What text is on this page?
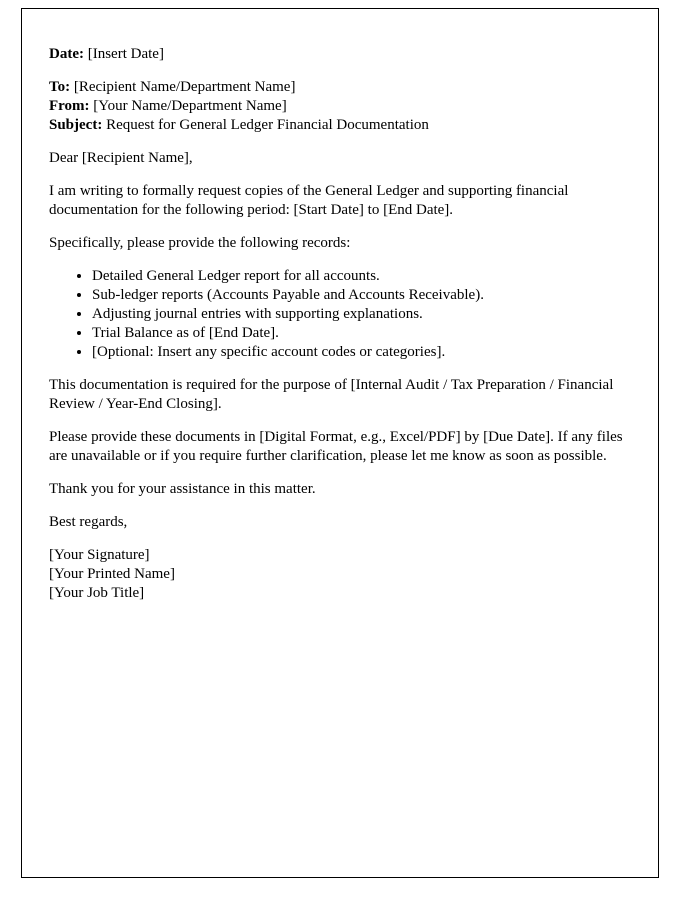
Date: [Insert Date]

To: [Recipient Name/Department Name]
From: [Your Name/Department Name]
Subject: Request for General Ledger Financial Documentation

Dear [Recipient Name],

I am writing to formally request copies of the General Ledger and supporting financial documentation for the following period: [Start Date] to [End Date].

Specifically, please provide the following records:

• Detailed General Ledger report for all accounts.
• Sub-ledger reports (Accounts Payable and Accounts Receivable).
• Adjusting journal entries with supporting explanations.
• Trial Balance as of [End Date].
• [Optional: Insert any specific account codes or categories].

This documentation is required for the purpose of [Internal Audit / Tax Preparation / Financial Review / Year-End Closing].

Please provide these documents in [Digital Format, e.g., Excel/PDF] by [Due Date]. If any files are unavailable or if you require further clarification, please let me know as soon as possible.

Thank you for your assistance in this matter.

Best regards,

[Your Signature]
[Your Printed Name]
[Your Job Title]
